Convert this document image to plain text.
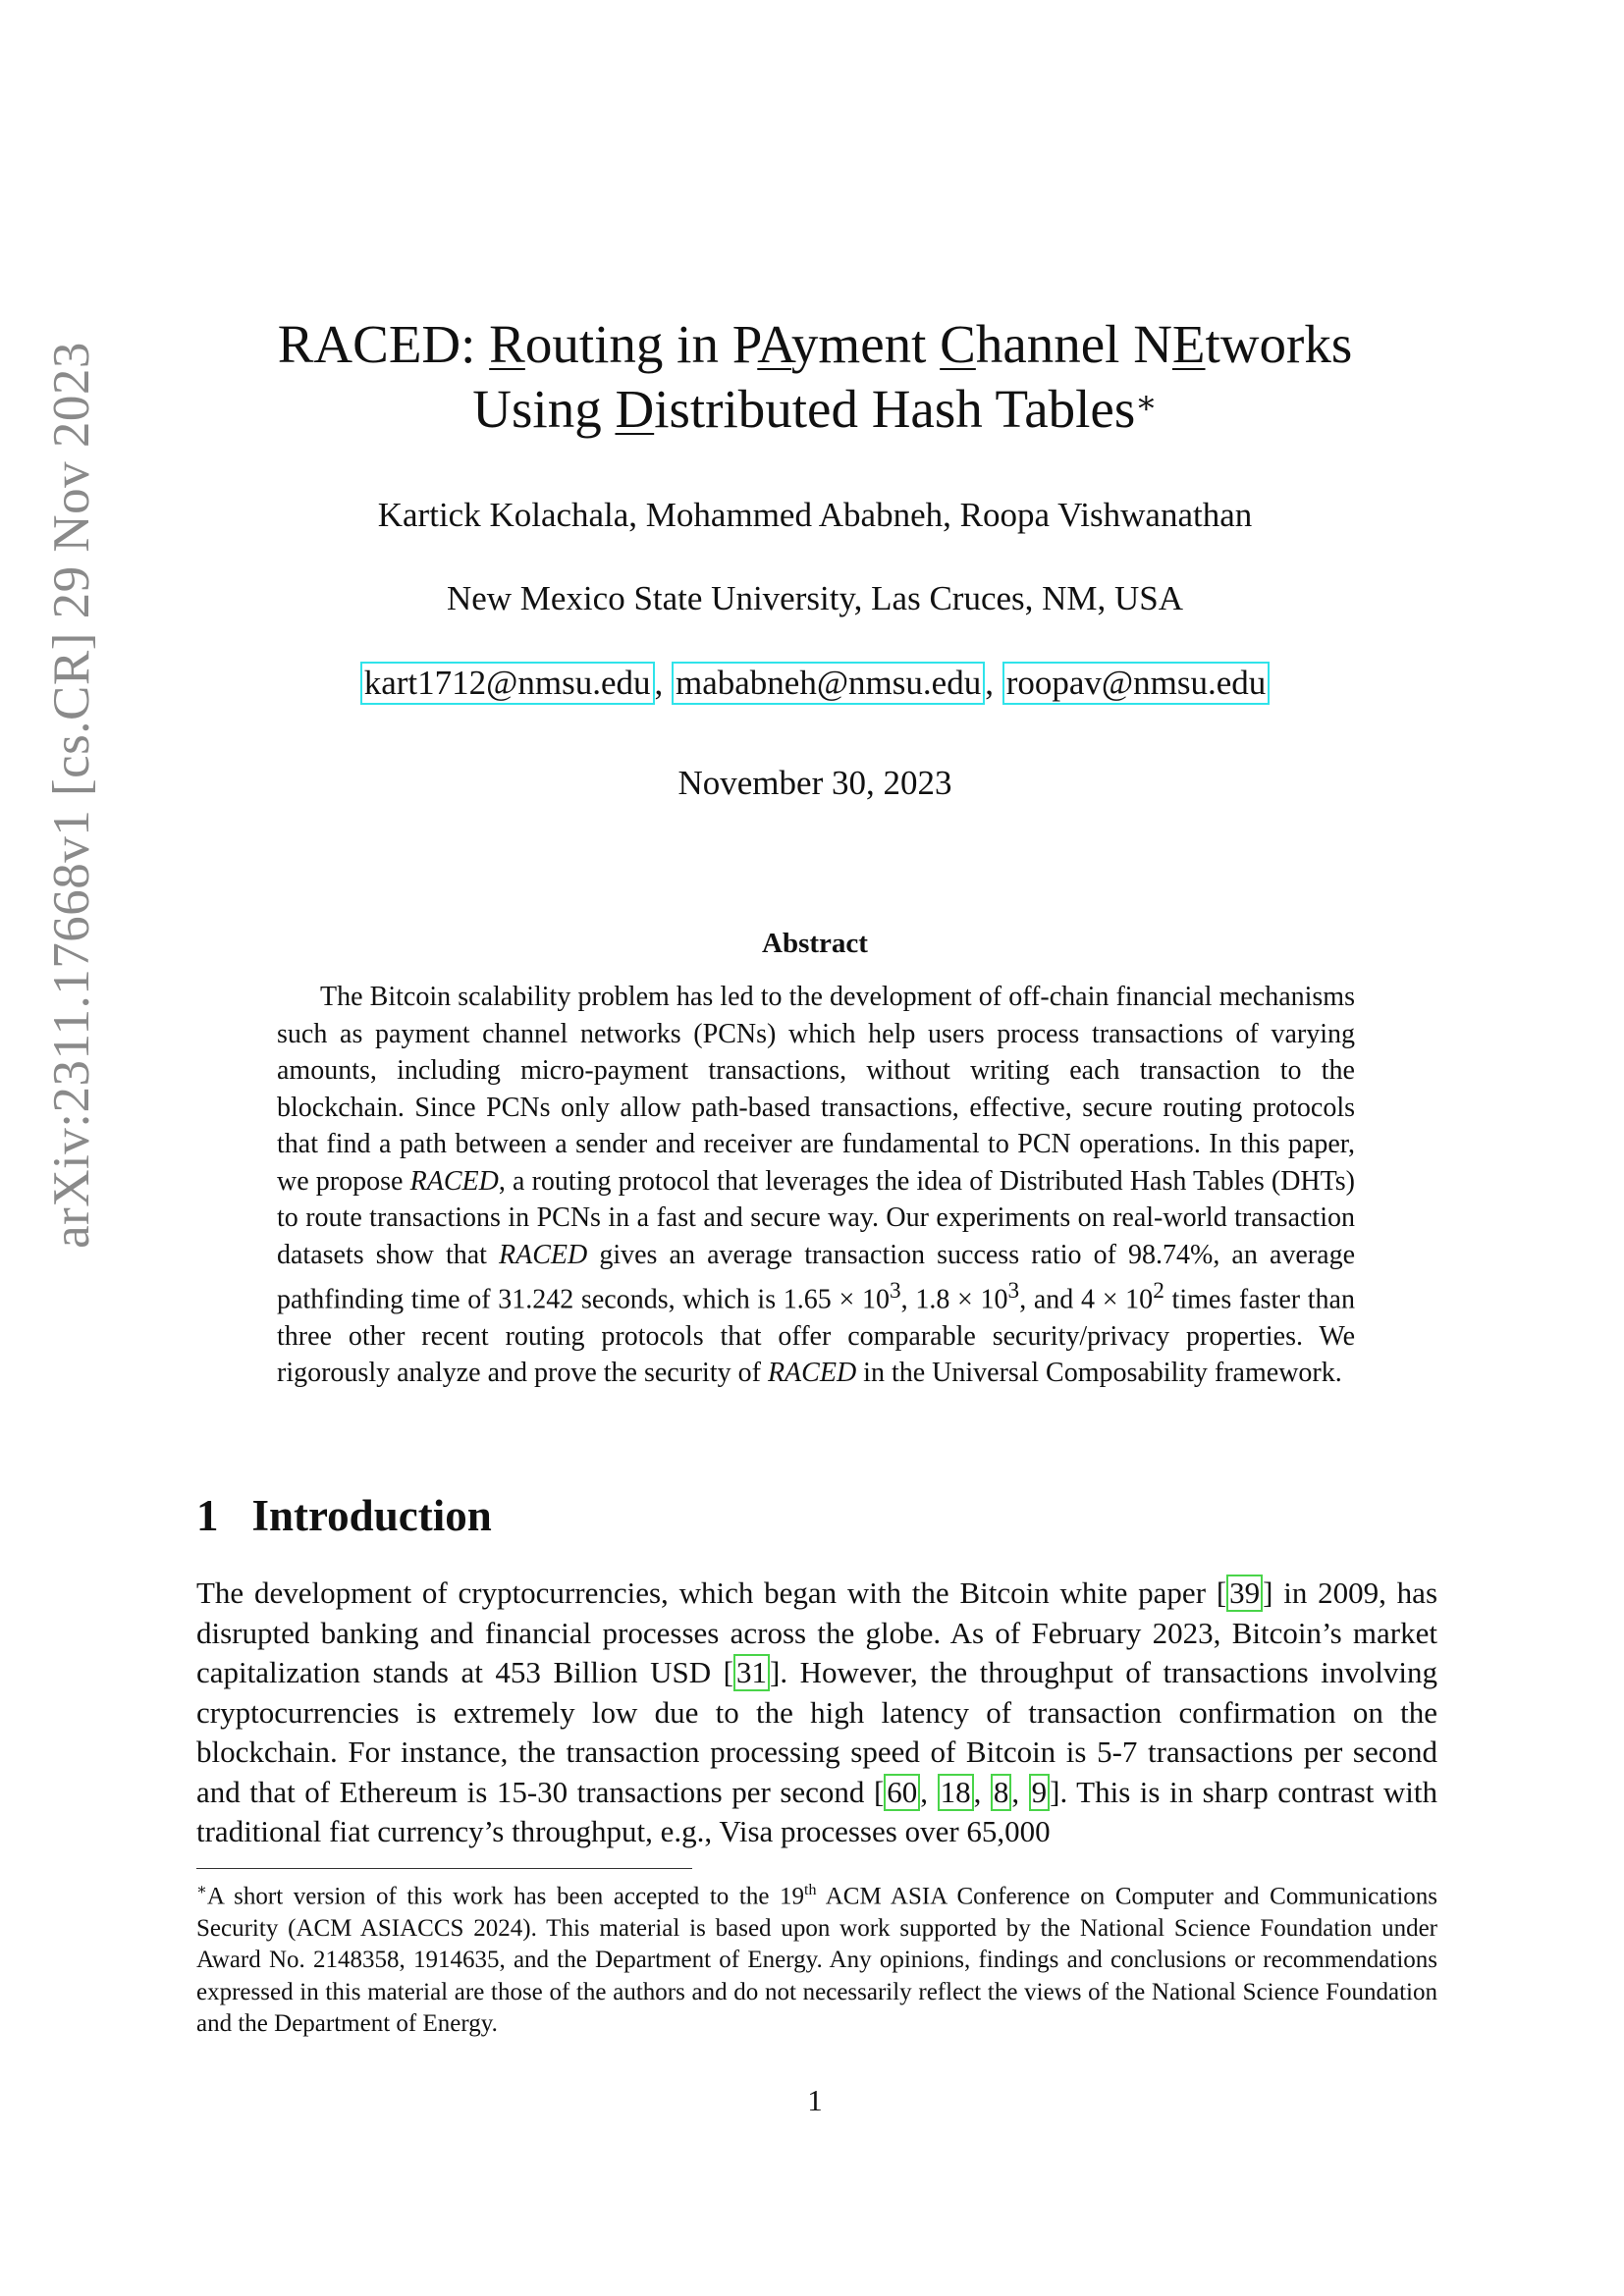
arXiv:2311.17668v1 [cs.CR] 29 Nov 2023	RACED: Routing in PAyment Channel NEtworks
Using Distributed Hash Tables∗
Kartick Kolachala, Mohammed Ababneh, Roopa Vishwanathan
New Mexico State University, Las Cruces, NM, USA
kart1712@nmsu.edu , mababneh@nmsu.edu , roopav@nmsu.edu
November 30, 2023
Abstract
The Bitcoin scalability problem has led to the development of off-chain financial mechanisms such as payment channel networks (PCNs) which help users process transactions of varying amounts, including micro-payment transactions, without writing each transaction to the blockchain. Since PCNs only allow path-based transactions, effective, secure routing protocols that find a path between a sender and receiver are fundamental to PCN operations. In this paper, we propose RACED, a routing protocol that leverages the idea of Distributed Hash Tables (DHTs) to route transactions in PCNs in a fast and secure way. Our experiments on real-world transaction datasets show that RACED gives an average transaction success ratio of 98.74%, an average pathfinding time of 31.242 seconds, which is $1.65 \times 10^3$, $1.8 \times 10^3$, and $4 \times 10^2$ times faster than three other recent routing protocols that offer comparable security/privacy properties. We rigorously analyze and prove the security of RACED in the Universal Composability framework.
1 Introduction
The development of cryptocurrencies, which began with the Bitcoin white paper [39] in 2009, has disrupted banking and financial processes across the globe. As of February 2023, Bitcoin’s market capitalization stands at 453 Billion USD [31]. However, the throughput of transactions involving cryptocurrencies is extremely low due to the high latency of transaction confirmation on the blockchain. For instance, the transaction processing speed of Bitcoin is 5-7 transactions per second and that of Ethereum is 15-30 transactions per second [60, 18, 8, 9]. This is in sharp contrast with traditional fiat currency’s throughput, e.g., Visa processes over 65,000
∗A short version of this work has been accepted to the 19th ACM ASIA Conference on Computer and Communications Security (ACM ASIACCS 2024). This material is based upon work supported by the National Science Foundation under Award No. 2148358, 1914635, and the Department of Energy. Any opinions, findings and conclusions or recommendations expressed in this material are those of the authors and do not necessarily reflect the views of the National Science Foundation and the Department of Energy.
1
